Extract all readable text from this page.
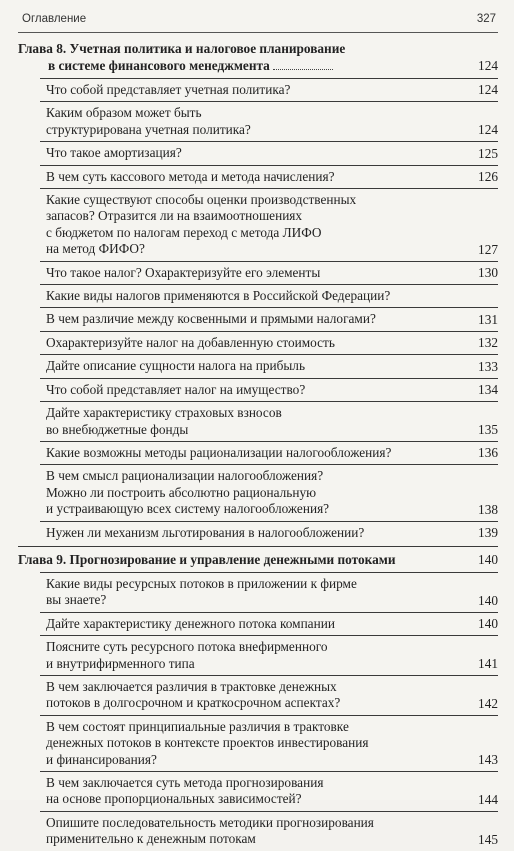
Оглавление	327
Глава 8. Учетная политика и налоговое планирование
в системе финансового менеджмента	124
Что собой представляет учетная политика?	124
Каким образом может быть
структурирована учетная политика?	124
Что такое амортизация?	125
В чем суть кассового метода и метода начисления?	126
Какие существуют способы оценки производственных
запасов? Отразится ли на взаимоотношениях
с бюджетом по налогам переход с метода ЛИФО
на метод ФИФО?	127
Что такое налог? Охарактеризуйте его элементы	130
Какие виды налогов применяются в Российской Федерации?
В чем различие между косвенными и прямыми налогами?	131
Охарактеризуйте налог на добавленную стоимость	132
Дайте описание сущности налога на прибыль	133
Что собой представляет налог на имущество?	134
Дайте характеристику страховых взносов
во внебюджетные фонды	135
Какие возможны методы рационализации налогообложения?	136
В чем смысл рационализации налогообложения?
Можно ли построить абсолютно рациональную
и устраивающую всех систему налогообложения?	138
Нужен ли механизм льготирования в налогообложении?	139
Глава 9. Прогнозирование и управление денежными потоками	140
Какие виды ресурсных потоков в приложении к фирме
вы знаете?	140
Дайте характеристику денежного потока компании	140
Поясните суть ресурсного потока внефирменного
и внутрифирменного типа	141
В чем заключается различия в трактовке денежных
потоков в долгосрочном и краткосрочном аспектах?	142
В чем состоят принципиальные различия в трактовке
денежных потоков в контексте проектов инвестирования
и финансирования?	143
В чем заключается суть метода прогнозирования
на основе пропорциональных зависимостей?	144
Опишите последовательность методики прогнозирования
применительно к денежным потокам	145
